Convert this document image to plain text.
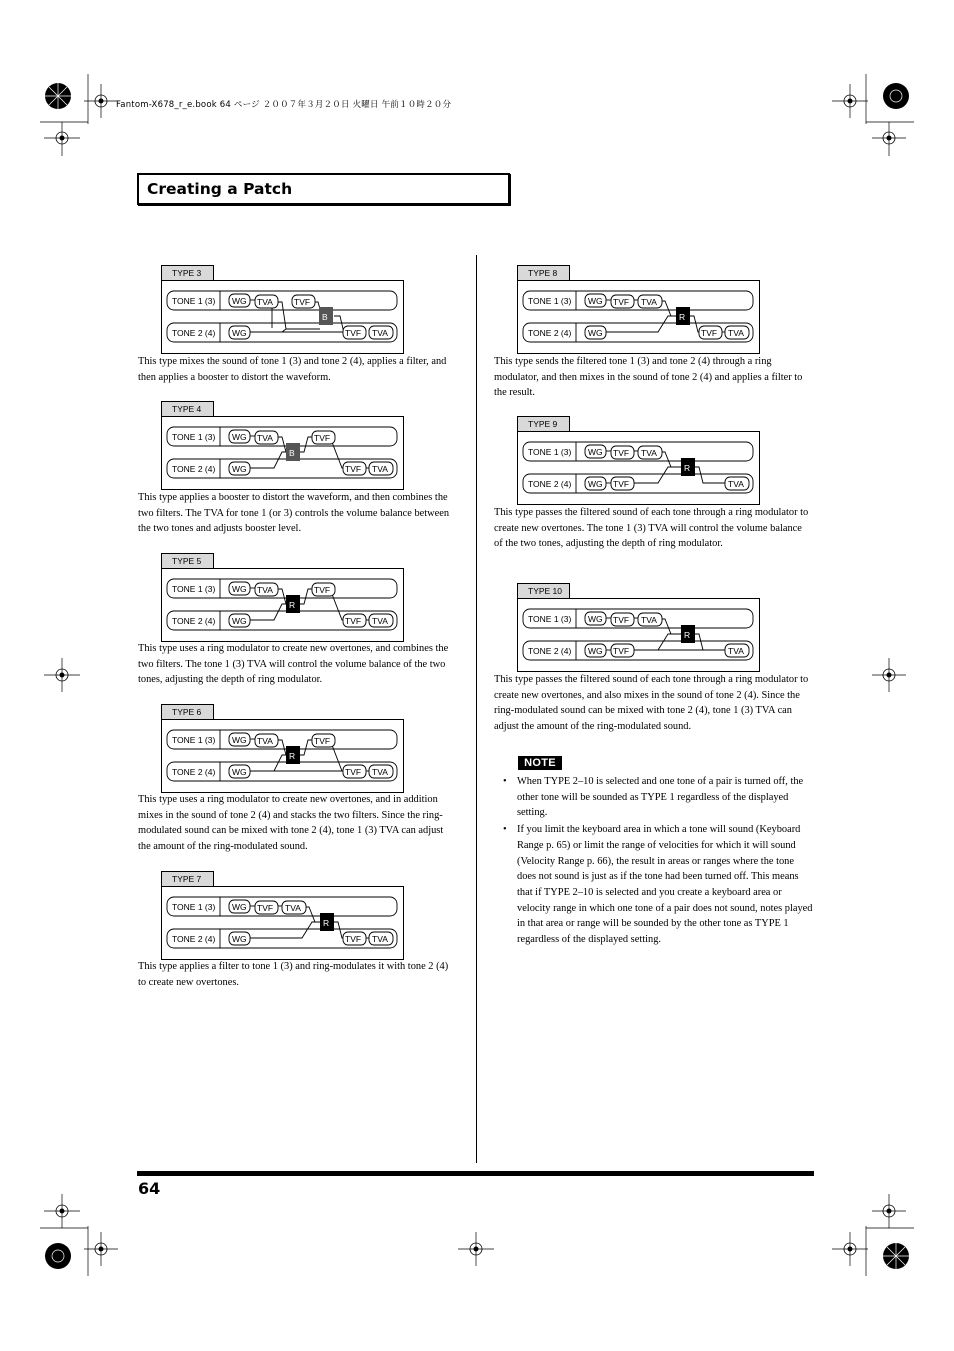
Fantom-X678_r_e.book 64 ページ ２００７年３月２０日 火曜日 午前１０時２０分
Creating a Patch
TYPE 3
TONE 1 (3)
TONE 2 (4)
WG TVA TVF
B
WG	TVF TVA
This type mixes the sound of tone 1 (3) and tone 2 (4), applies a filter, and then applies a booster to distort the waveform.
TYPE 4
TONE 1 (3)
TONE 2 (4)
WG TVA
B
TVF
WG	TVF TVA
This type applies a booster to distort the waveform, and then combines the two filters. The TVA for tone 1 (or 3) controls the volume balance between the two tones and adjusts booster level.
TYPE 5
TONE 1 (3)
TONE 2 (4)
WG TVA
R
TVF
WG	TVF TVA
This type uses a ring modulator to create new overtones, and combines the two filters. The tone 1 (3) TVA will control the volume balance of the two tones, adjusting the depth of ring modulator.
TYPE 6
TONE 1 (3)
TONE 2 (4)
WG TVA
R
TVF
WG	TVF TVA
This type uses a ring modulator to create new overtones, and in addition mixes in the sound of tone 2 (4) and stacks the two filters. Since the ring-modulated sound can be mixed with tone 2 (4), tone 1 (3) TVA can adjust the amount of the ring-modulated sound.
TYPE 7
TONE 1 (3)
TONE 2 (4)
WG TVF TVA
R
WG	TVF TVA
This type applies a filter to tone 1 (3) and ring-modulates it with tone 2 (4) to create new overtones.
TYPE 8
TONE 1 (3)
TONE 2 (4)
WG TVF TVA
R
WG	TVF TVA
This type sends the filtered tone 1 (3) and tone 2 (4) through a ring modulator, and then mixes in the sound of tone 2 (4) and applies a filter to the result.
TYPE 9
TONE 1 (3)
TONE 2 (4)
WG TVF TVA
R
WG TVF	TVA
This type passes the filtered sound of each tone through a ring modulator to create new overtones. The tone 1 (3) TVA will control the volume balance of the two tones, adjusting the depth of ring modulator.
TYPE 10
TONE 1 (3)
TONE 2 (4)
WG TVF TVA
R
WG TVF	TVA
This type passes the filtered sound of each tone through a ring modulator to create new overtones, and also mixes in the sound of tone 2 (4). Since the ring-modulated sound can be mixed with tone 2 (4), tone 1 (3) TVA can adjust the amount of the ring-modulated sound.
NOTE
• When TYPE 2–10 is selected and one tone of a pair is turned off, the other tone will be sounded as TYPE 1 regardless of the displayed setting.
• If you limit the keyboard area in which a tone will sound (Keyboard Range p. 65) or limit the range of velocities for which it will sound (Velocity Range p. 66), the result in areas or ranges where the tone does not sound is just as if the tone had been turned off. This means that if TYPE 2–10 is selected and you create a keyboard area or velocity range in which one tone of a pair does not sound, notes played in that area or range will be sounded by the other tone as TYPE 1 regardless of the displayed setting.
64
